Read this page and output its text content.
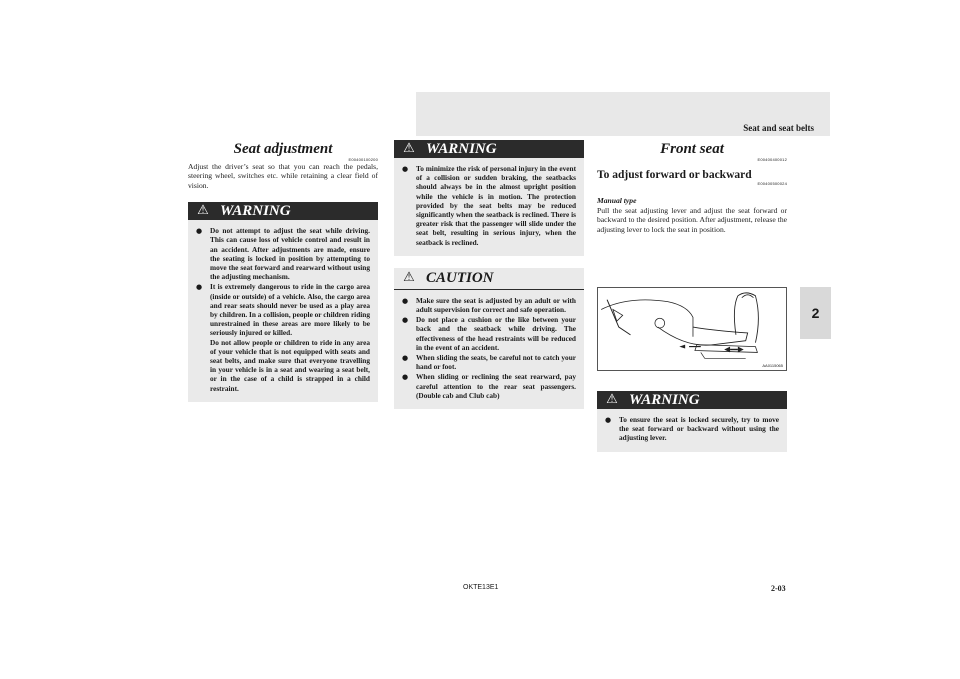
Seat and seat belts
2
Seat adjustment
E00400100200

Adjust the driver’s seat so that you can reach the pedals, steering wheel, switches etc. while retaining a clear field of vision.

⚠ WARNING
● Do not attempt to adjust the seat while driving. This can cause loss of vehicle control and result in an accident. After adjustments are made, ensure the seating is locked in position by attempting to move the seat forward and rearward without using the adjusting mechanism.
● It is extremely dangerous to ride in the cargo area (inside or outside) of a vehicle. Also, the cargo area and rear seats should never be used as a play area by children. In a collision, people or children riding unrestrained in these areas are more likely to be seriously injured or killed.
Do not allow people or children to ride in any area of your vehicle that is not equipped with seats and seat belts, and make sure that everyone travelling in your vehicle is in a seat and wearing a seat belt, or in the case of a child is strapped in a child restraint.
⚠ WARNING
● To minimize the risk of personal injury in the event of a collision or sudden braking, the seatbacks should always be in the almost upright position while the vehicle is in motion. The protection provided by the seat belts may be reduced significantly when the seatback is reclined. There is greater risk that the passenger will slide under the seat belt, resulting in serious injury, when the seatback is reclined.
⚠ CAUTION
● Make sure the seat is adjusted by an adult or with adult supervision for correct and safe operation.
● Do not place a cushion or the like between your back and the seatback while driving. The effectiveness of the head restraints will be reduced in the event of an accident.
● When sliding the seats, be careful not to catch your hand or foot.
● When sliding or reclining the seat rearward, pay careful attention to the rear seat passengers. (Double cab and Club cab)
Front seat
E00400400012
To adjust forward or backward
E00400500024
Manual type

Pull the seat adjusting lever and adjust the seat forward or backward to the desired position. After adjustment, release the adjusting lever to lock the seat in position.

AA0115065
⚠ WARNING
● To ensure the seat is locked securely, try to move the seat forward or backward without using the adjusting lever.
OKTE13E1	2-03
